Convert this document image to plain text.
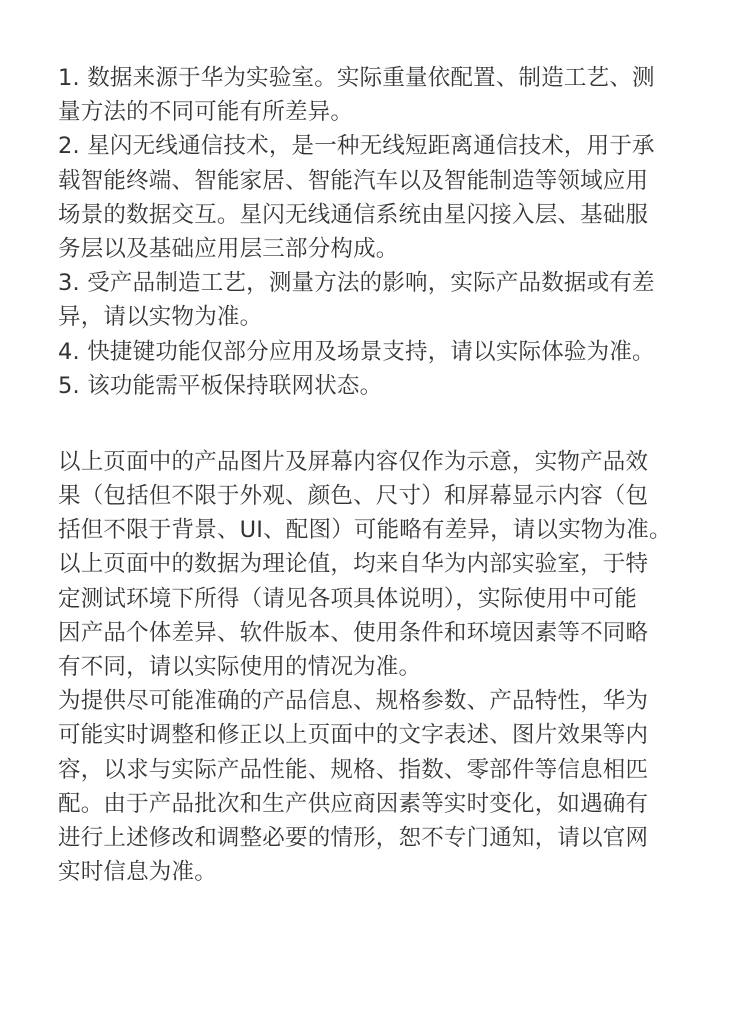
1. 数据来源于华为实验室。实际重量依配置、制造工艺、测
量方法的不同可能有所差异。
2. 星闪无线通信技术，是一种无线短距离通信技术，用于承
载智能终端、智能家居、智能汽车以及智能制造等领域应用
场景的数据交互。星闪无线通信系统由星闪接入层、基础服
务层以及基础应用层三部分构成。
3. 受产品制造工艺，测量方法的影响，实际产品数据或有差
异，请以实物为准。
4. 快捷键功能仅部分应用及场景支持，请以实际体验为准。
5. 该功能需平板保持联网状态。
以上页面中的产品图片及屏幕内容仅作为示意，实物产品效
果（包括但不限于外观、颜色、尺寸）和屏幕显示内容（包
括但不限于背景、UI、配图）可能略有差异，请以实物为准。
以上页面中的数据为理论值，均来自华为内部实验室，于特
定测试环境下所得（请见各项具体说明），实际使用中可能
因产品个体差异、软件版本、使用条件和环境因素等不同略
有不同，请以实际使用的情况为准。
为提供尽可能准确的产品信息、规格参数、产品特性，华为
可能实时调整和修正以上页面中的文字表述、图片效果等内
容，以求与实际产品性能、规格、指数、零部件等信息相匹
配。由于产品批次和生产供应商因素等实时变化，如遇确有
进行上述修改和调整必要的情形，恕不专门通知，请以官网
实时信息为准。
